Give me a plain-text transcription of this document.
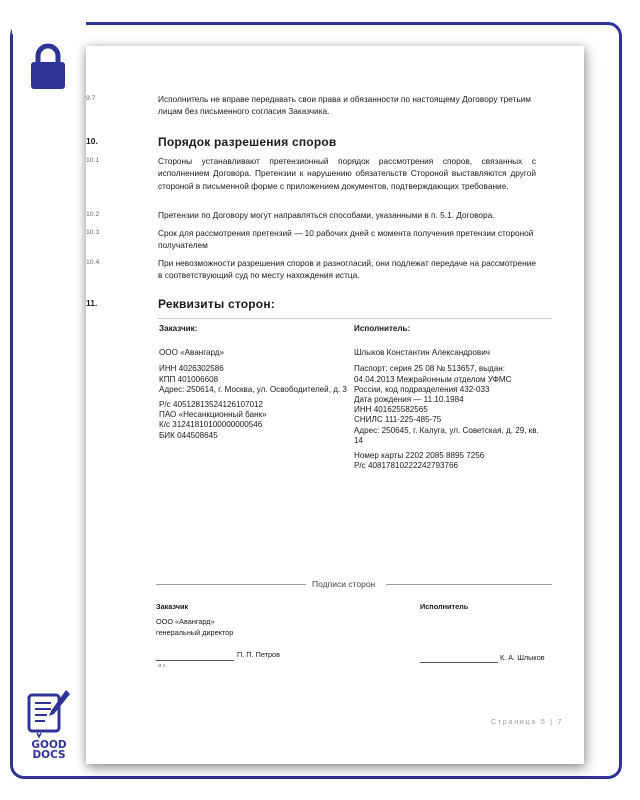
9.7	Исполнитель не вправе передавать свои права и обязанности по настоящему Договору третьим лицам без письменного согласия Заказчика.
10.	Порядок разрешения споров
10.1	Стороны устанавливают претензионный порядок рассмотрения споров, связанных с исполнением Договора. Претензии к нарушению обязательств Стороной выставляются другой стороной в письменной форме с приложением документов, подтверждающих требование.
10.2	Претензии по Договору могут направляться способами, указанными в п. 5.1. Договора.
10.3	Срок для рассмотрения претензий — 10 рабочих дней с момента получения претензии стороной получателем
10.4	При невозможности разрешения споров и разногласий, они подлежат передаче на рассмотрение в соответствующий суд по месту нахождения истца.
11.	Реквизиты сторон:

Заказчик:

ООО «Авангард»

ИНН 4026302586

КПП 401006608

Адрес: 250614, г. Москва, ул. Освободителей, д. 3

Р/с 40512813524126107012

ПАО «Несанкционный банк»

К/с 31241810100000000546

БИК 044508645

Исполнитель:

Шлыков Константин Александрович

Паспорт: серия 25 08 № 513657, выдан: 04.04.2013 Межрайонным отделом УФМС России, код подразделения 432-033

Дата рождения — 11.10.1984

ИНН 401625582565

СНИЛС 111-225-485-75

Адрес: 250645, г. Калуга, ул. Советская, д. 29, кв. 14

Номер карты 2202 2085 8895 7256

Р/с 40817810222242793766

Подписи сторон
Заказчик	Исполнитель
ООО «Авангард»
генеральный директор
П. П. Петров
м.п.
К. А. Шлыков
Страница 5 | 7
GOOD
DOCS
